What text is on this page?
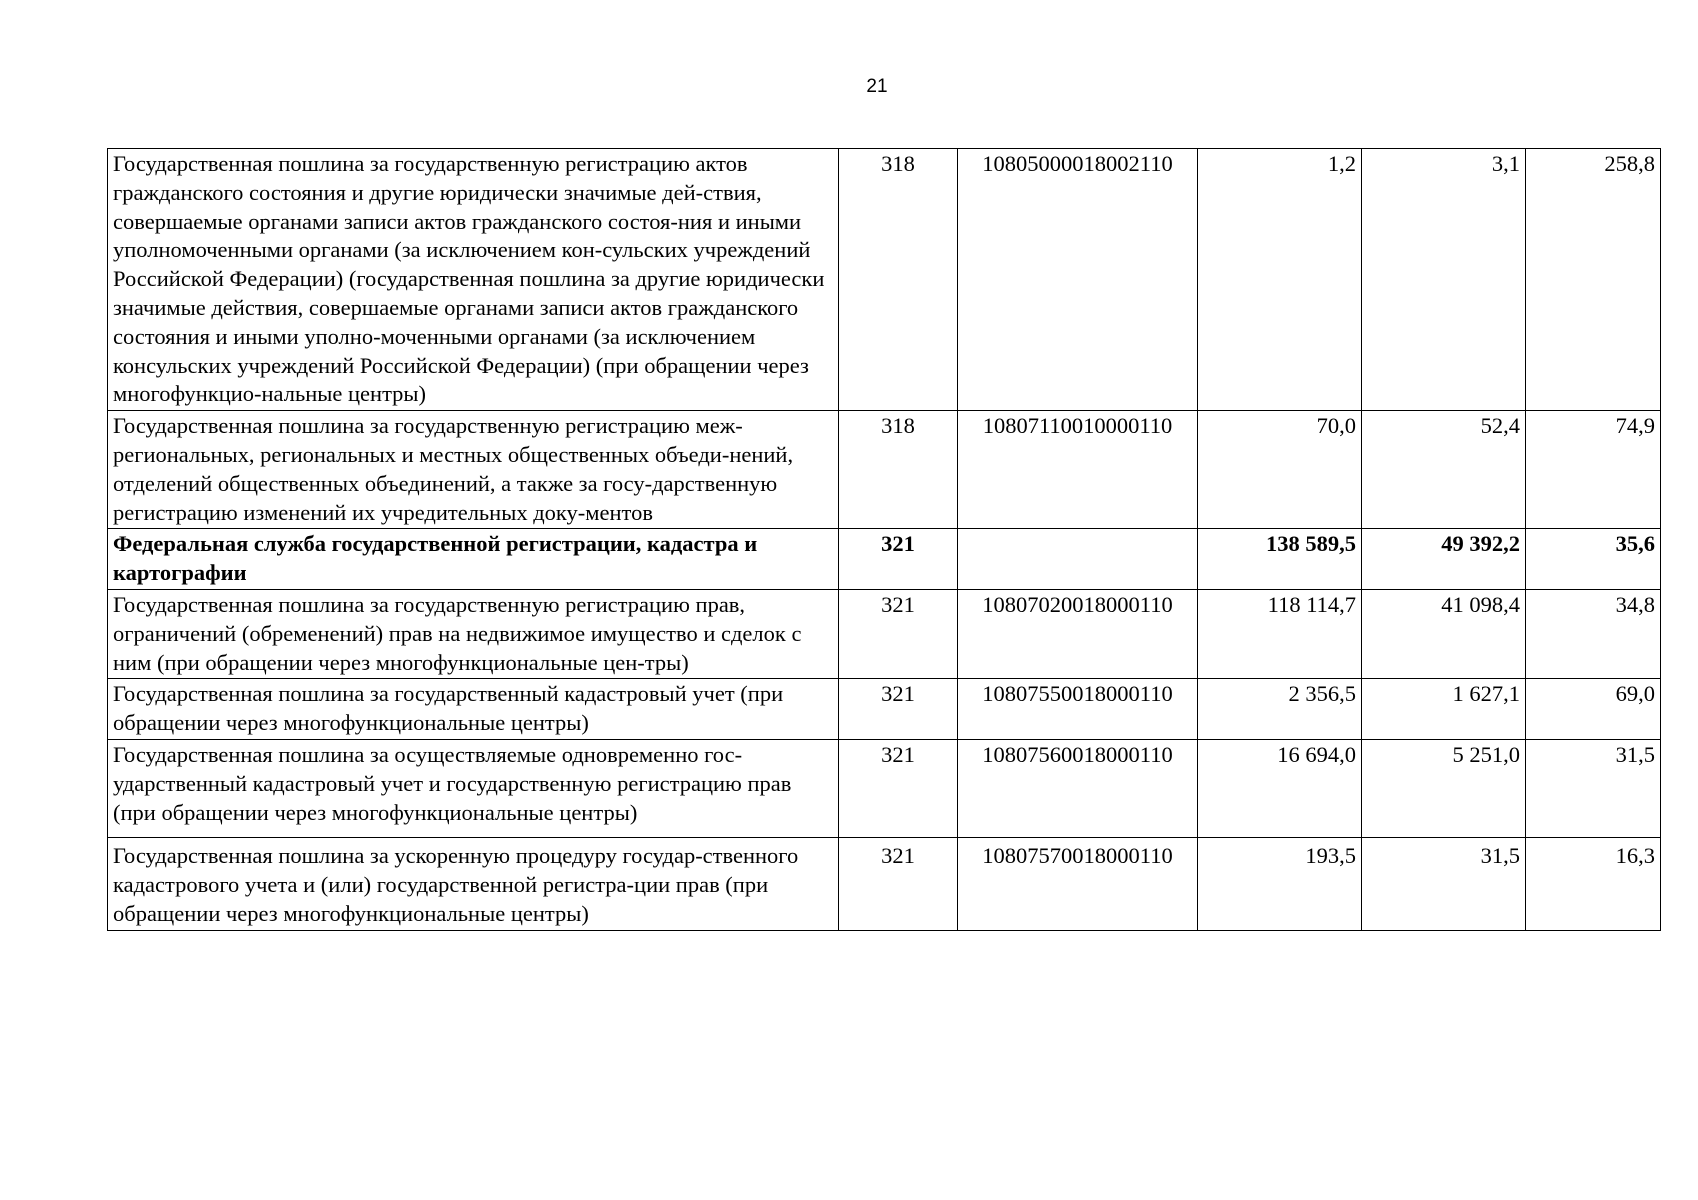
21
Государственная пошлина за государственную регистрацию актов гражданского состояния и другие юридически значимые дей-ствия, совершаемые органами записи актов гражданского состоя-ния и иными уполномоченными органами (за исключением кон-сульских учреждений Российской Федерации) (государственная пошлина за другие юридически значимые действия, совершаемые органами записи актов гражданского состояния и иными уполно-моченными органами (за исключением консульских учреждений Российской Федерации) (при обращении через многофункцио-нальные центры)	318	10805000018002110	1,2	3,1	258,8
Государственная пошлина за государственную регистрацию меж-региональных, региональных и местных общественных объеди-нений, отделений общественных объединений, а также за госу-дарственную регистрацию изменений их учредительных доку-ментов	318	10807110010000110	70,0	52,4	74,9
Федеральная служба государственной регистрации, кадастра и картографии	321		138 589,5	49 392,2	35,6
Государственная пошлина за государственную регистрацию прав, ограничений (обременений) прав на недвижимое имущество и сделок с ним (при обращении через многофункциональные цен-тры)	321	10807020018000110	118 114,7	41 098,4	34,8
Государственная пошлина за государственный кадастровый учет (при обращении через многофункциональные центры)	321	10807550018000110	2 356,5	1 627,1	69,0
Государственная пошлина за осуществляемые одновременно гос-ударственный кадастровый учет и государственную регистрацию прав (при обращении через многофункциональные центры)	321	10807560018000110	16 694,0	5 251,0	31,5
Государственная пошлина за ускоренную процедуру государ-ственного кадастрового учета и (или) государственной регистра-ции прав (при обращении через многофункциональные центры)	321	10807570018000110	193,5	31,5	16,3
